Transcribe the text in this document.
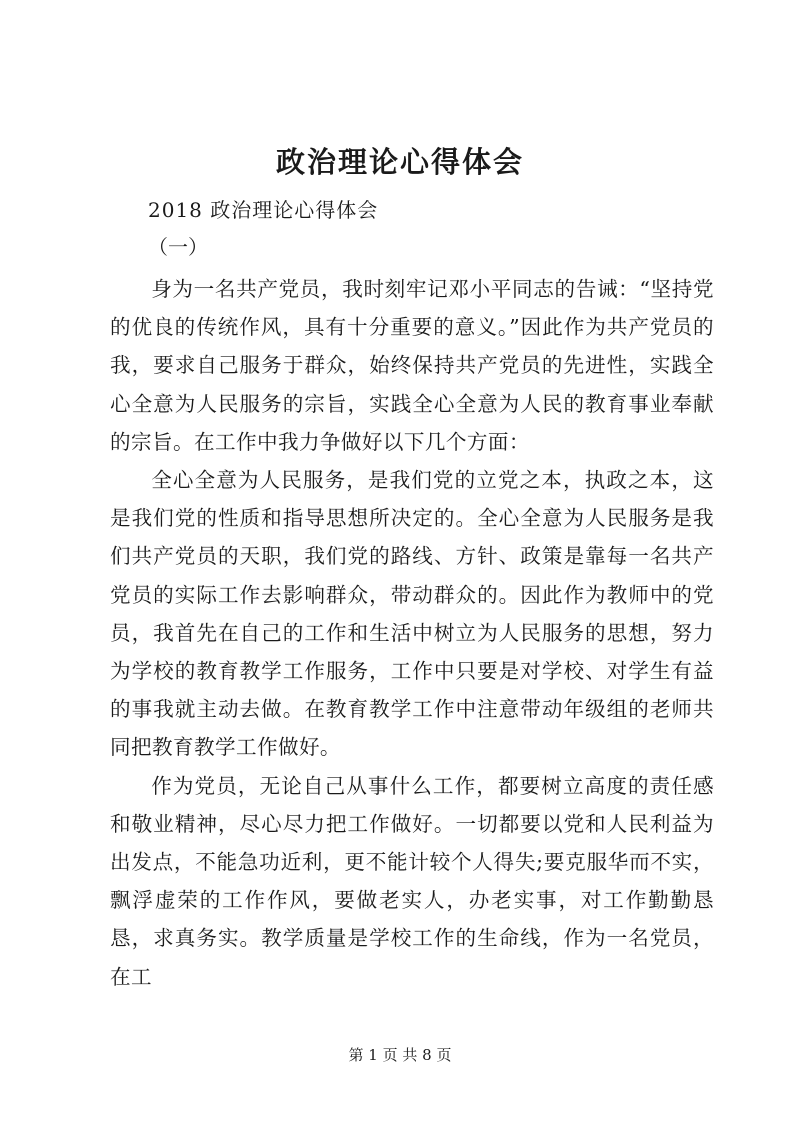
政治理论心得体会
2018 政治理论心得体会
（一）

身为一名共产党员，我时刻牢记邓小平同志的告诫：“坚持党的优良的传统作风，具有十分重要的意义。”因此作为共产党员的我，要求自己服务于群众，始终保持共产党员的先进性，实践全心全意为人民服务的宗旨，实践全心全意为人民的教育事业奉献的宗旨。在工作中我力争做好以下几个方面：

全心全意为人民服务，是我们党的立党之本，执政之本，这是我们党的性质和指导思想所决定的。全心全意为人民服务是我们共产党员的天职，我们党的路线、方针、政策是靠每一名共产党员的实际工作去影响群众，带动群众的。因此作为教师中的党员，我首先在自己的工作和生活中树立为人民服务的思想，努力为学校的教育教学工作服务，工作中只要是对学校、对学生有益的事我就主动去做。在教育教学工作中注意带动年级组的老师共同把教育教学工作做好。

作为党员，无论自己从事什么工作，都要树立高度的责任感和敬业精神，尽心尽力把工作做好。一切都要以党和人民利益为出发点，不能急功近利，更不能计较个人得失;要克服华而不实，飘浮虚荣的工作作风，要做老实人，办老实事，对工作勤勤恳恳，求真务实。教学质量是学校工作的生命线，作为一名党员，在工

第 1 页 共 8 页
